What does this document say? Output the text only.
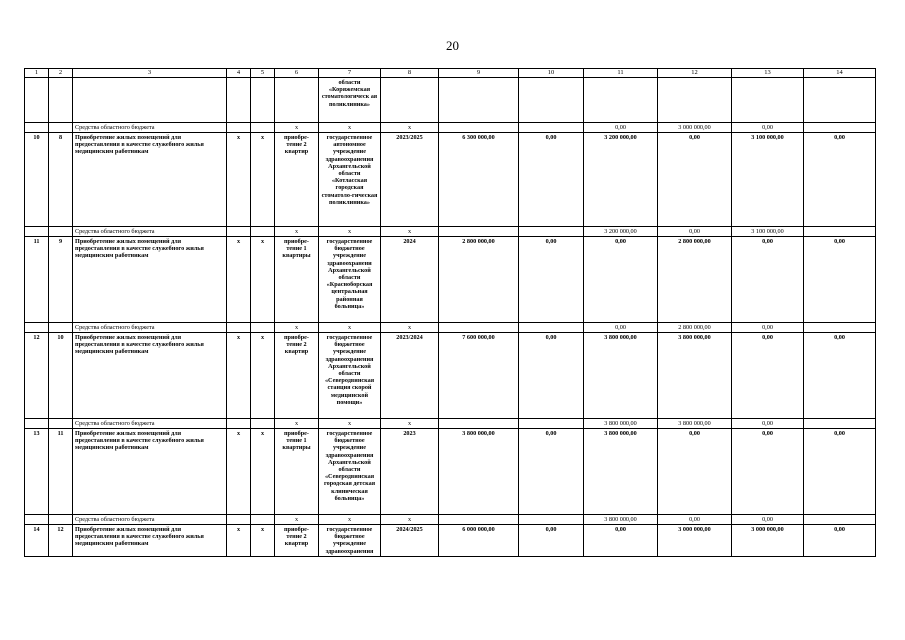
20
1	2	3	4	5	6	7	8	9	10	11	12	13	14
						области «Коряжемская стоматологическ ая поликлиника»							
		Средства областного бюджета			x	x	x			0,00	3 000 000,00	0,00	
10	8	Приобретение жилых помещений для предоставления в качестве служебного жилья медицинским работникам	x	x	приобре-тение 2 квартир	государственное автономное учреждение здравоохранения Архангельской области «Котласская городская стоматоло-гическая поликлиника»	2023/2025	6 300 000,00	0,00	3 200 000,00	0,00	3 100 000,00	0,00
		Средства областного бюджета			x	x	x			3 200 000,00	0,00	3 100 000,00	
11	9	Приобретение жилых помещений для предоставления в качестве служебного жилья медицинским работникам	x	x	приобре-тение 1 квартиры	государственное бюджетное учреждение здравоохранени Архангельской области «Красноборская центральная районная больница»	2024	2 800 000,00	0,00	0,00	2 800 000,00	0,00	0,00
		Средства областного бюджета			x	x	x			0,00	2 800 000,00	0,00	
12	10	Приобретение жилых помещений для предоставления в качестве служебного жилья медицинским работникам	x	x	приобре-тение 2 квартир	государственное бюджетное учреждение здравоохранения Архангельской области «Северодвинская станция скорой медицинской помощи»	2023/2024	7 600 000,00	0,00	3 800 000,00	3 800 000,00	0,00	0,00
		Средства областного бюджета			x	x	x			3 800 000,00	3 800 000,00	0,00	
13	11	Приобретение жилых помещений для предоставления в качестве служебного жилья медицинским работникам	x	x	приобре-тение 1 квартиры	государственное бюджетное учреждение здравоохранения Архангельской области «Северодвинская городская детская клиническая больница»	2023	3 800 000,00	0,00	3 800 000,00	0,00	0,00	0,00
		Средства областного бюджета			x	x	x			3 800 000,00	0,00	0,00	
14	12	Приобретение жилых помещений для предоставления в качестве служебного жилья медицинским работникам	x	x	приобре-тение 2 квартир	государственное бюджетное учреждение здравоохранения	2024/2025	6 000 000,00	0,00	0,00	3 000 000,00	3 000 000,00	0,00
